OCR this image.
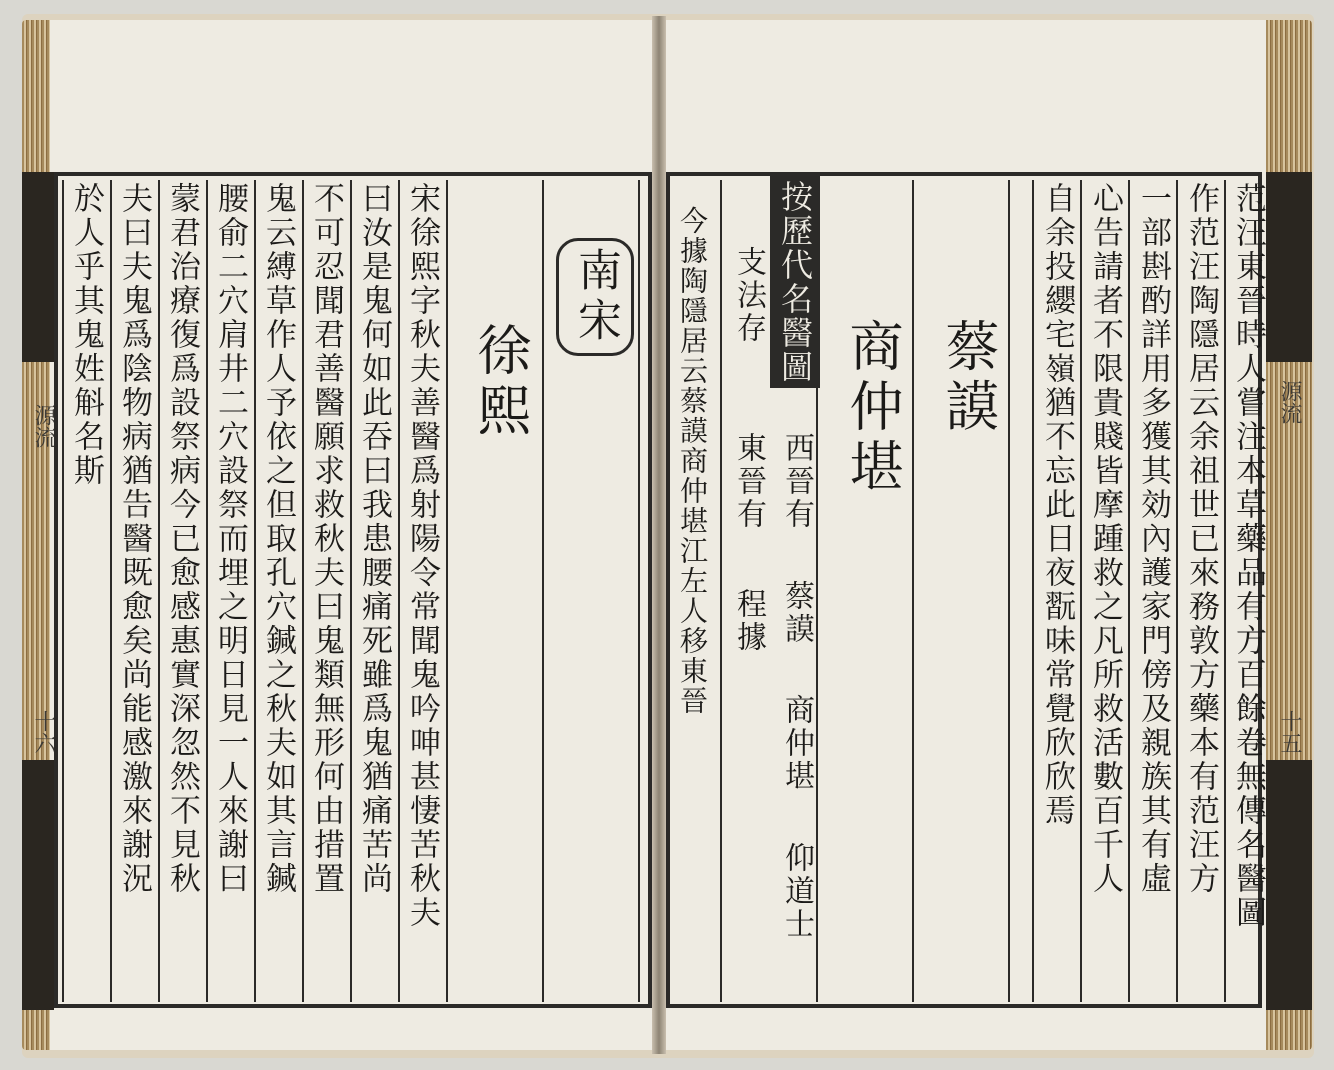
源流
十六
源流
十五
范汪東晉時人嘗注本草藥品有方百餘卷無傳名醫圖
作范汪陶隱居云余祖世已來務敦方藥本有范汪方
一部斟酌詳用多獲其効內護家門傍及親族其有虛
心告請者不限貴賤皆摩踵救之凡所救活數百千人
自余投纓宅嶺猶不忘此日夜翫味常覺欣欣焉
蔡謨
商仲堪
按歷代名醫圖
西晉有
蔡謨
商仲堪
仰道士
東晉有
程據
支法存
今據陶隱居云蔡謨商仲堪江左人移東晉
南宋
徐熙
宋徐熙字秋夫善醫爲射陽令常聞鬼吟呻甚悽苦秋夫
曰汝是鬼何如此吞曰我患腰痛死雖爲鬼猶痛苦尚
不可忍聞君善醫願求救秋夫曰鬼類無形何由措置
鬼云縛草作人予依之但取孔穴鍼之秋夫如其言鍼
腰俞二穴肩井二穴設祭而埋之明日見一人來謝曰
蒙君治療復爲設祭病今已愈感惠實深忽然不見秋
夫曰夫鬼爲陰物病猶告醫既愈矣尚能感激來謝況
於人乎其鬼姓斛名斯
